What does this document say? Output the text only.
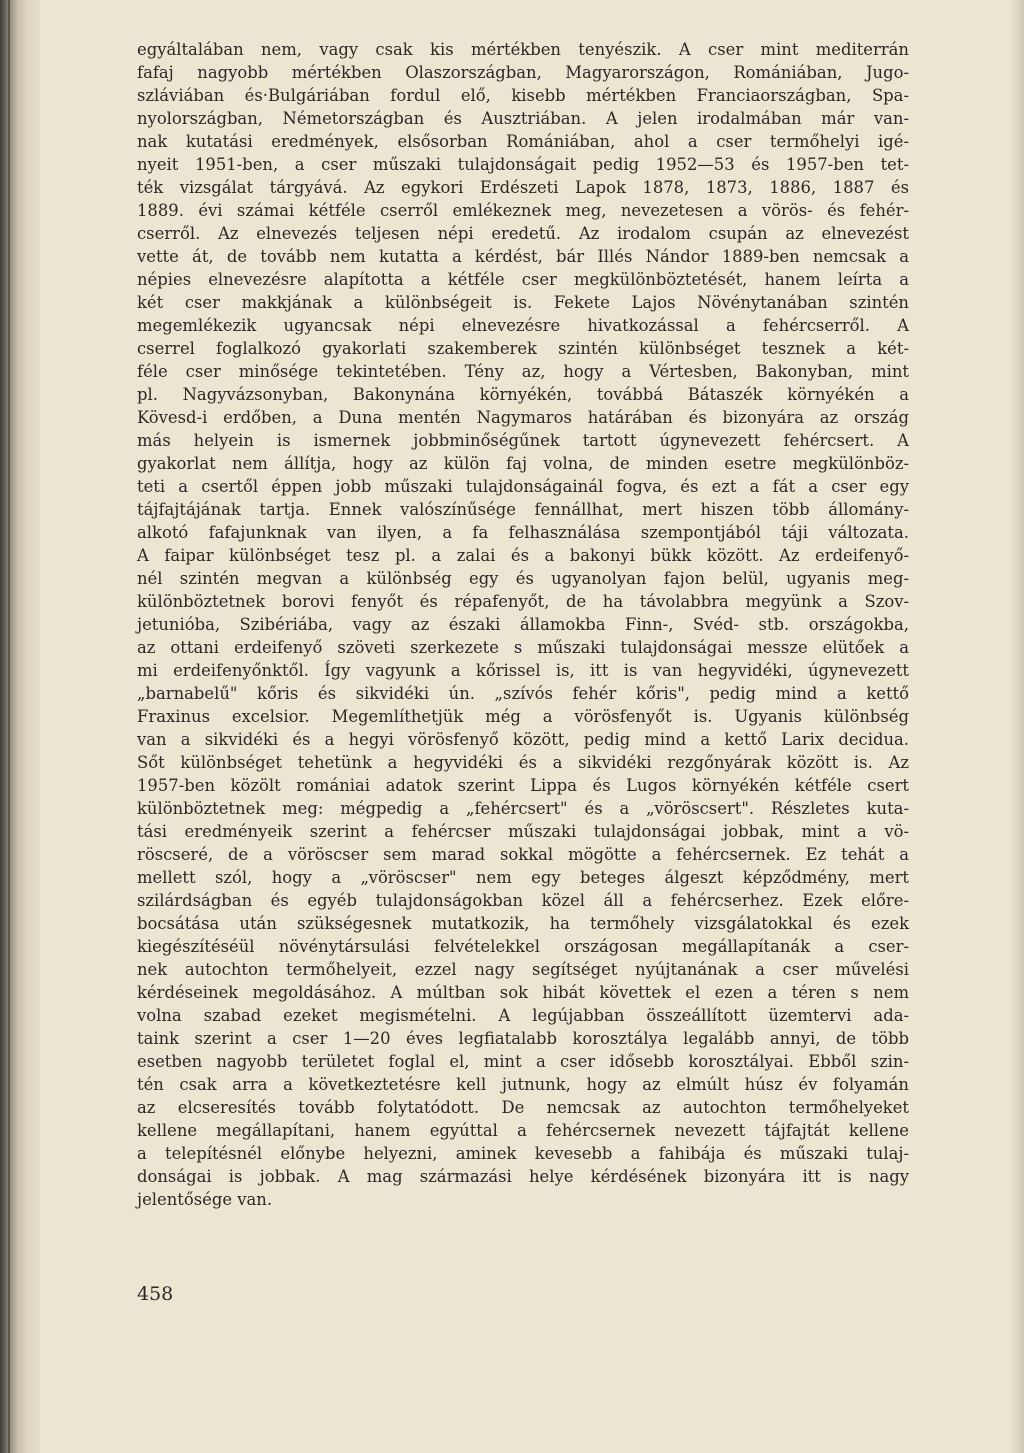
egyáltalában nem, vagy csak kis mértékben tenyészik. A cser mint mediterrán
fafaj nagyobb mértékben Olaszországban, Magyarországon, Romániában, Jugo-
szláviában és·Bulgáriában fordul elő, kisebb mértékben Franciaországban, Spa-
nyolországban, Németországban és Ausztriában. A jelen irodalmában már van-
nak kutatási eredmények, elsősorban Romániában, ahol a cser termőhelyi igé-
nyeit 1951-ben, a cser műszaki tulajdonságait pedig 1952—53 és 1957-ben tet-
ték vizsgálat tárgyává. Az egykori Erdészeti Lapok 1878, 1873, 1886, 1887 és
1889. évi számai kétféle cserről emlékeznek meg, nevezetesen a vörös- és fehér-
cserről. Az elnevezés teljesen népi eredetű. Az irodalom csupán az elnevezést
vette át, de tovább nem kutatta a kérdést, bár Illés Nándor 1889-ben nemcsak a
népies elnevezésre alapította a kétféle cser megkülönböztetését, hanem leírta a
két cser makkjának a különbségeit is. Fekete Lajos Növénytanában szintén
megemlékezik ugyancsak népi elnevezésre hivatkozással a fehércserről. A
cserrel foglalkozó gyakorlati szakemberek szintén különbséget tesznek a két-
féle cser minősége tekintetében. Tény az, hogy a Vértesben, Bakonyban, mint
pl. Nagyvázsonyban, Bakonynána környékén, továbbá Bátaszék környékén a
Kövesd-i erdőben, a Duna mentén Nagymaros határában és bizonyára az ország
más helyein is ismernek jobbminőségűnek tartott úgynevezett fehércsert. A
gyakorlat nem állítja, hogy az külön faj volna, de minden esetre megkülönböz-
teti a csertől éppen jobb műszaki tulajdonságainál fogva, és ezt a fát a cser egy
tájfajtájának tartja. Ennek valószínűsége fennállhat, mert hiszen több állomány-
alkotó fafajunknak van ilyen, a fa felhasználása szempontjából táji változata.
A faipar különbséget tesz pl. a zalai és a bakonyi bükk között. Az erdeifenyő-
nél szintén megvan a különbség egy és ugyanolyan fajon belül, ugyanis meg-
különböztetnek borovi fenyőt és répafenyőt, de ha távolabbra megyünk a Szov-
jetunióba, Szibériába, vagy az északi államokba Finn-, Svéd- stb. országokba,
az ottani erdeifenyő szöveti szerkezete s műszaki tulajdonságai messze elütőek a
mi erdeifenyőnktől. Így vagyunk a kőrissel is, itt is van hegyvidéki, úgynevezett
„barnabelű" kőris és sikvidéki ún. „szívós fehér kőris", pedig mind a kettő
Fraxinus excelsior. Megemlíthetjük még a vörösfenyőt is. Ugyanis különbség
van a sikvidéki és a hegyi vörösfenyő között, pedig mind a kettő Larix decidua.
Sőt különbséget tehetünk a hegyvidéki és a sikvidéki rezgőnyárak között is. Az
1957-ben közölt romániai adatok szerint Lippa és Lugos környékén kétféle csert
különböztetnek meg: mégpedig a „fehércsert" és a „vöröscsert". Részletes kuta-
tási eredményeik szerint a fehércser műszaki tulajdonságai jobbak, mint a vö-
röscseré, de a vöröscser sem marad sokkal mögötte a fehércsernek. Ez tehát a
mellett szól, hogy a „vöröscser" nem egy beteges álgeszt képződmény, mert
szilárdságban és egyéb tulajdonságokban közel áll a fehércserhez. Ezek előre-
bocsátása után szükségesnek mutatkozik, ha termőhely vizsgálatokkal és ezek
kiegészítéséül növénytársulási felvételekkel országosan megállapítanák a cser-
nek autochton termőhelyeit, ezzel nagy segítséget nyújtanának a cser művelési
kérdéseinek megoldásához. A múltban sok hibát követtek el ezen a téren s nem
volna szabad ezeket megismételni. A legújabban összeállított üzemtervi ada-
taink szerint a cser 1—20 éves legfiatalabb korosztálya legalább annyi, de több
esetben nagyobb területet foglal el, mint a cser idősebb korosztályai. Ebből szin-
tén csak arra a következtetésre kell jutnunk, hogy az elmúlt húsz év folyamán
az elcseresítés tovább folytatódott. De nemcsak az autochton termőhelyeket
kellene megállapítani, hanem egyúttal a fehércsernek nevezett tájfajtát kellene
a telepítésnél előnybe helyezni, aminek kevesebb a fahibája és műszaki tulaj-
donságai is jobbak. A mag származási helye kérdésének bizonyára itt is nagy
jelentősége van.
458
